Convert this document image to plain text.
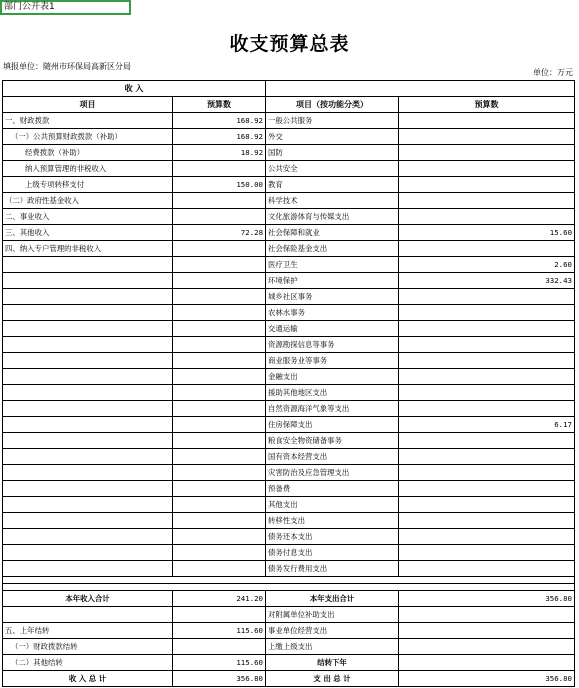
部门公开表1
收支预算总表
填报单位：随州市环保局高新区分局
单位：万元
收 入			
项目	预算数	项目（按功能分类）	预算数
一、财政拨款	168.92	一般公共服务	
（一）公共预算财政拨款（补助）	168.92	外交	
经费拨款（补助）	18.92	国防	
纳入预算管理的非税收入		公共安全	
上级专项转移支付	150.00	教育	
（二）政府性基金收入		科学技术	
二、事业收入		文化旅游体育与传媒支出	
三、其他收入	72.28	社会保障和就业	15.60
四、纳入专户管理的非税收入		社会保险基金支出	
		医疗卫生	2.60
		环境保护	332.43
		城乡社区事务	
		农林水事务	
		交通运输	
		资源勘探信息等事务	
		商业服务业等事务	
		金融支出	
		援助其他地区支出	
		自然资源海洋气象等支出	
		住房保障支出	6.17
		粮食安全物资储备事务	
		国有资本经营支出	
		灾害防治及应急管理支出	
		预备费	
		其他支出	
		转移性支出	
		债务还本支出	
		债务付息支出	
		债务发行费用支出	

本年收入合计	241.20	本年支出合计	356.80
		对附属单位补助支出	
五、上年结转	115.60	事业单位经营支出	
（一）财政拨款结转		上缴上级支出	
（二）其他结转	115.60	结转下年	
收 入 总 计	356.80	支 出 总 计	356.80
